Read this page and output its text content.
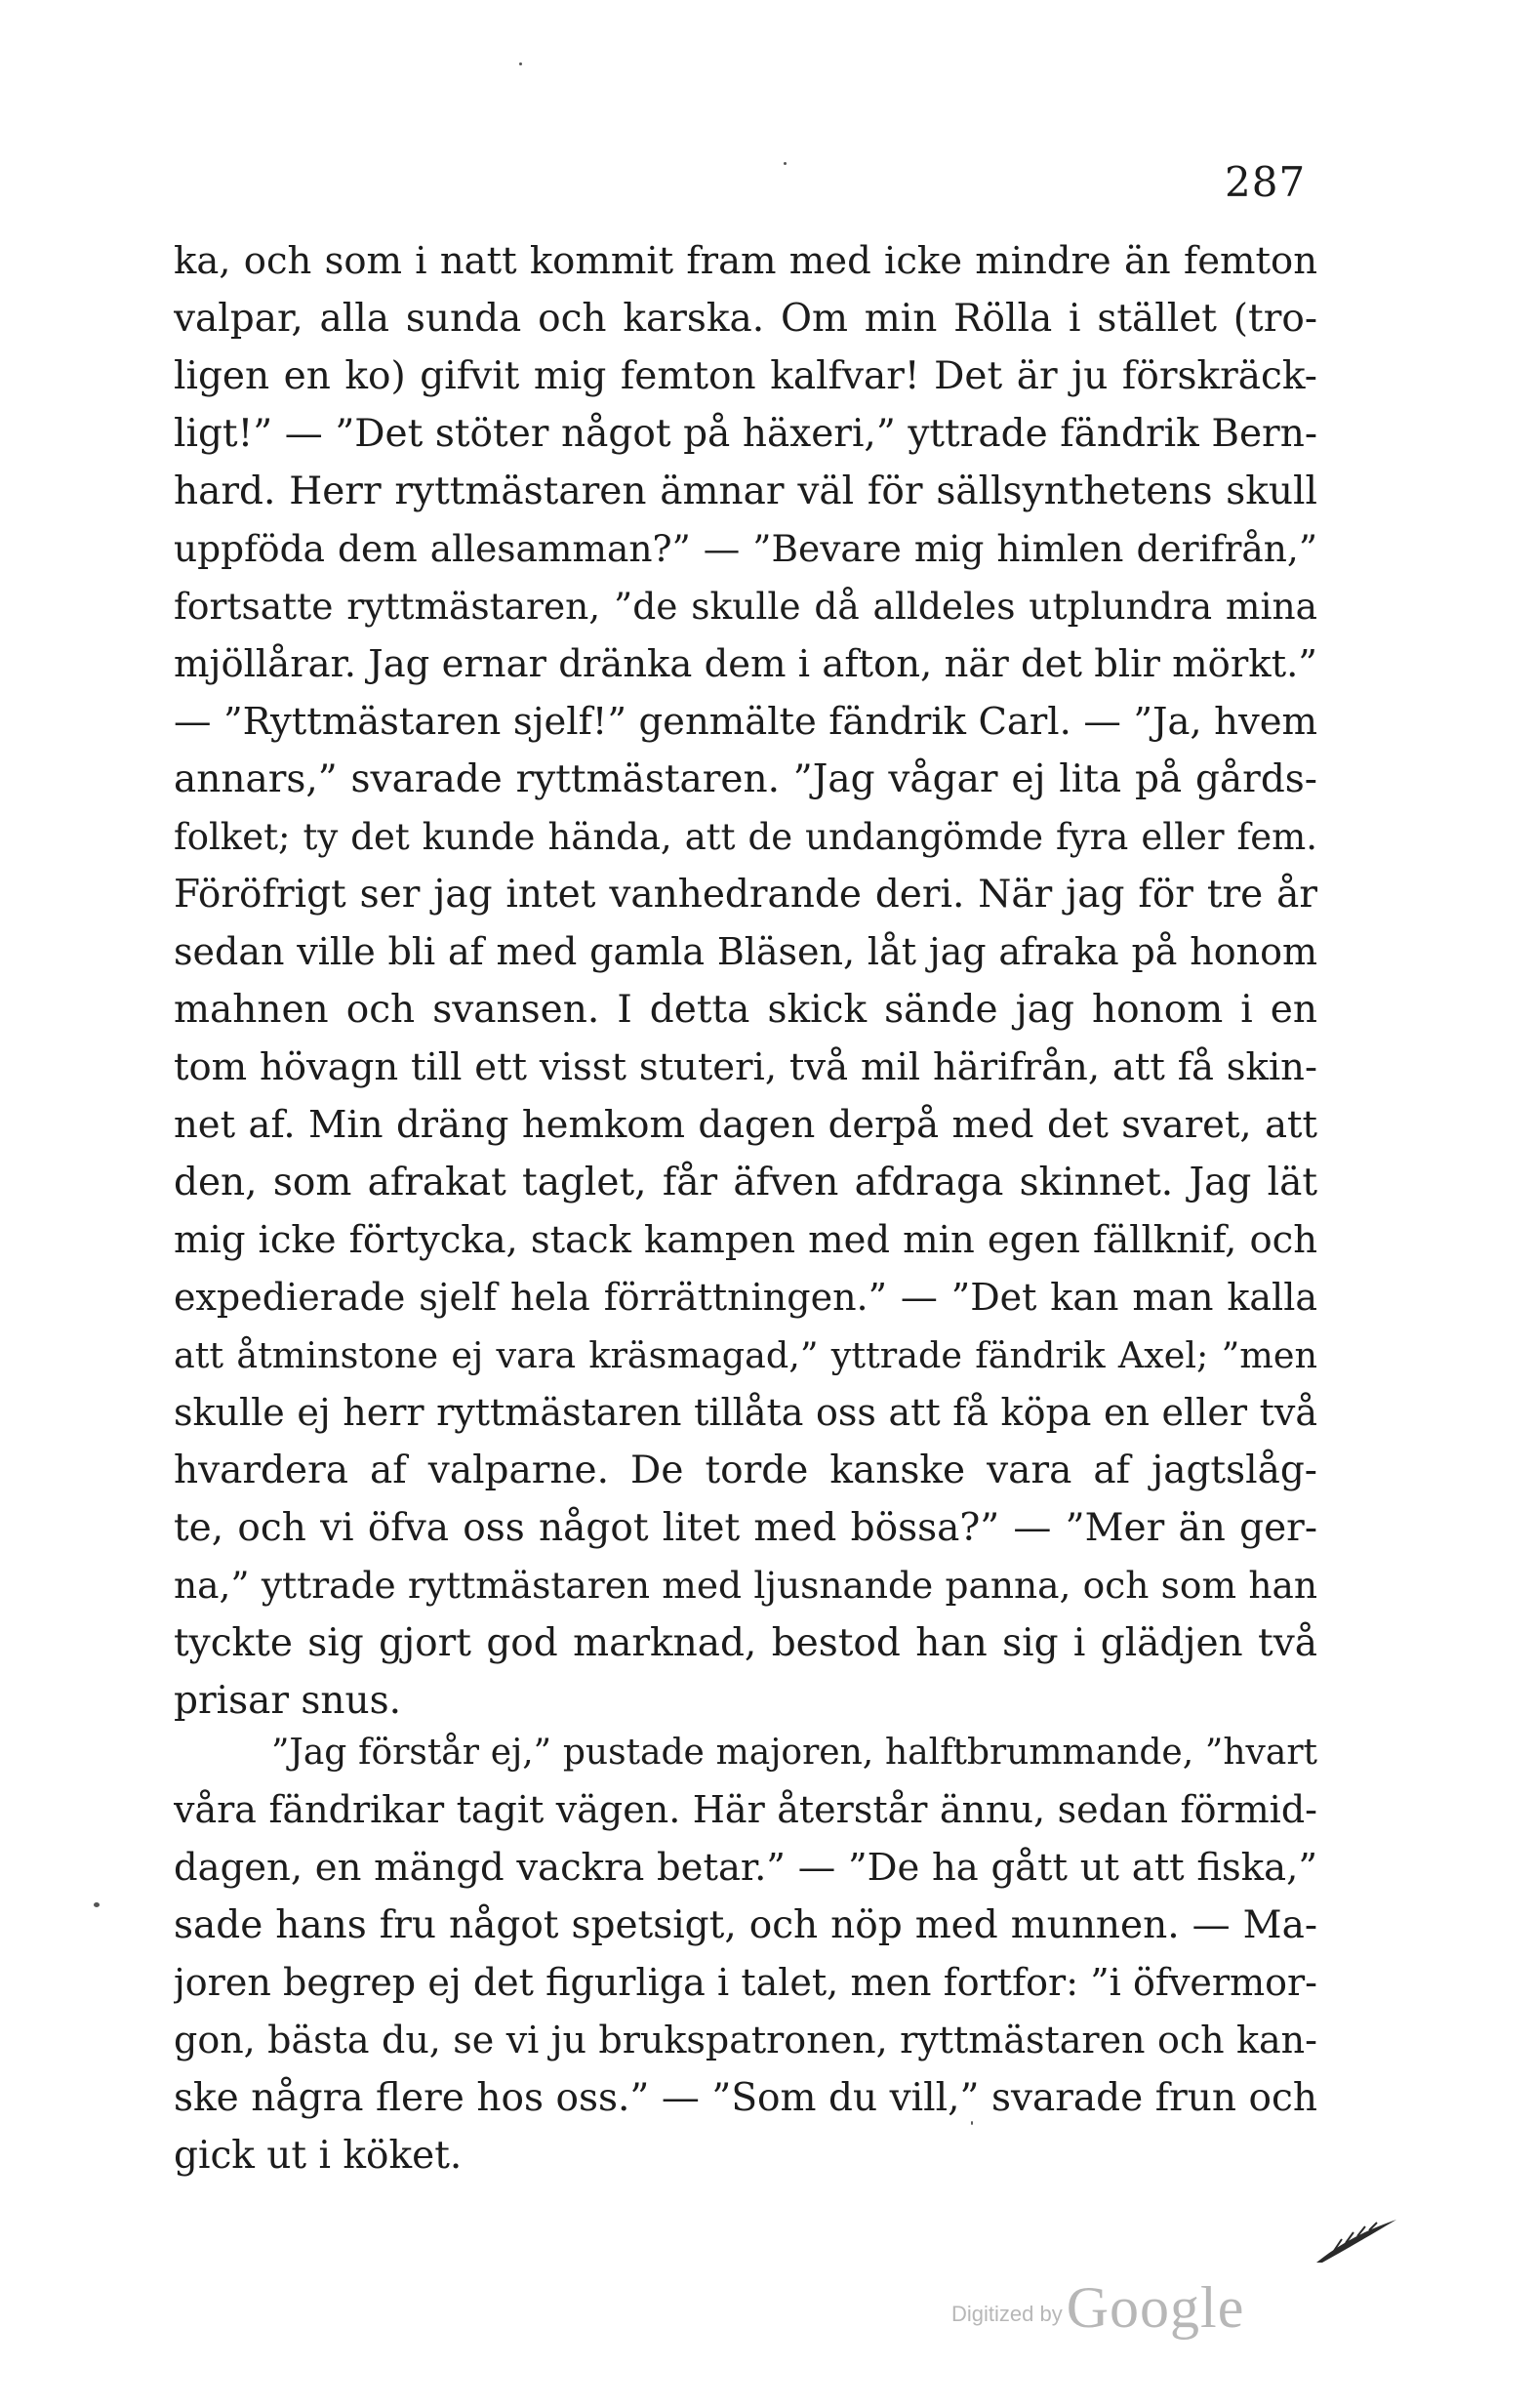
287
ka, och som i natt kommit fram med icke mindre än femton
valpar, alla sunda och karska. Om min Rölla i stället (tro-
ligen en ko) gifvit mig femton kalfvar! Det är ju förskräck-
ligt!” — ”Det stöter något på häxeri,” yttrade fändrik Bern-
hard. Herr ryttmästaren ämnar väl för sällsynthetens skull
uppföda dem allesamman?” — ”Bevare mig himlen derifrån,”
fortsatte ryttmästaren, ”de skulle då alldeles utplundra mina
mjöllårar. Jag ernar dränka dem i afton, när det blir mörkt.”
— ”Ryttmästaren sjelf!” genmälte fändrik Carl. — ”Ja, hvem
annars,” svarade ryttmästaren. ”Jag vågar ej lita på gårds-
folket; ty det kunde hända, att de undangömde fyra eller fem.
Föröfrigt ser jag intet vanhedrande deri. När jag för tre år
sedan ville bli af med gamla Bläsen, låt jag afraka på honom
mahnen och svansen. I detta skick sände jag honom i en
tom hövagn till ett visst stuteri, två mil härifrån, att få skin-
net af. Min dräng hemkom dagen derpå med det svaret, att
den, som afrakat taglet, får äfven afdraga skinnet. Jag lät
mig icke förtycka, stack kampen med min egen fällknif, och
expedierade sjelf hela förrättningen.” — ”Det kan man kalla
att åtminstone ej vara kräsmagad,” yttrade fändrik Axel; ”men
skulle ej herr ryttmästaren tillåta oss att få köpa en eller två
hvardera af valparne. De torde kanske vara af jagtslåg-
te, och vi öfva oss något litet med bössa?” — ”Mer än ger-
na,” yttrade ryttmästaren med ljusnande panna, och som han
tyckte sig gjort god marknad, bestod han sig i glädjen två
prisar snus.
”Jag förstår ej,” pustade majoren, halftbrummande, ”hvart
våra fändrikar tagit vägen. Här återstår ännu, sedan förmid-
dagen, en mängd vackra betar.” — ”De ha gått ut att fiska,”
sade hans fru något spetsigt, och nöp med munnen. — Ma-
joren begrep ej det figurliga i talet, men fortfor: ”i öfvermor-
gon, bästa du, se vi ju brukspatronen, ryttmästaren och kan-
ske några flere hos oss.” — ”Som du vill,” svarade frun och
gick ut i köket.
Digitized byGoogle
